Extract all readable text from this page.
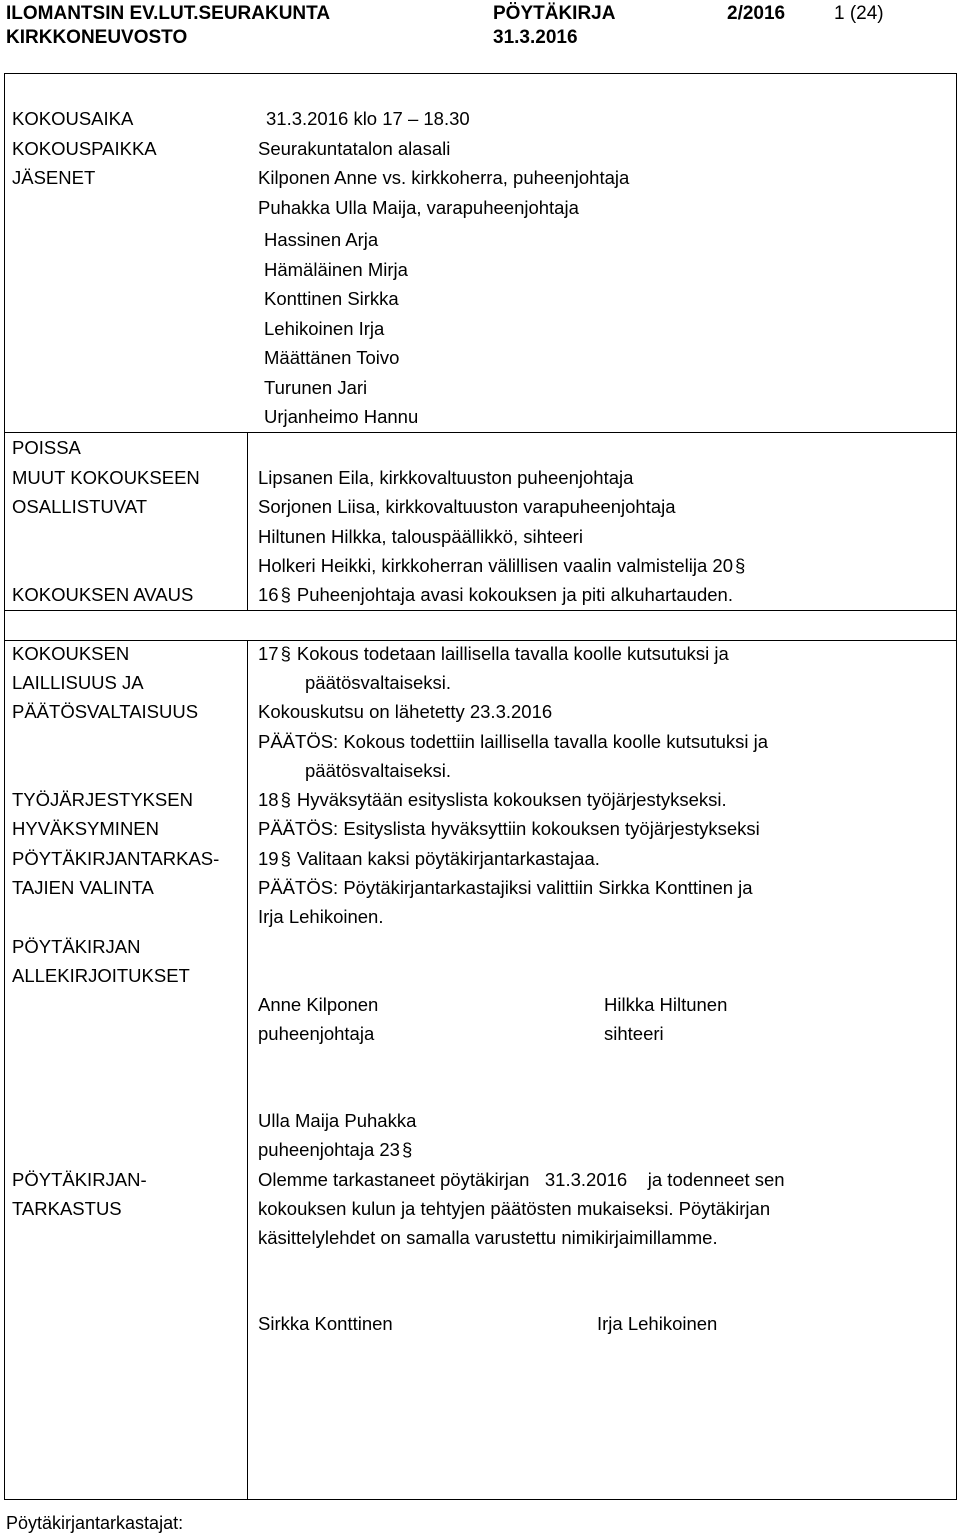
ILOMANTSIN EV.LUT.SEURAKUNTA
KIRKKONEUVOSTO
PÖYTÄKIRJA
31.3.2016
2/2016	1 (24)
KOKOUSAIKA
KOKOUSPAIKKA
JÄSENET
POISSA
MUUT KOKOUKSEEN
OSALLISTUVAT
KOKOUKSEN AVAUS
KOKOUKSEN
LAILLISUUS JA
PÄÄTÖSVALTAISUUS
TYÖJÄRJESTYKSEN
HYVÄKSYMINEN
PÖYTÄKIRJANTARKAS-
TAJIEN VALINTA
PÖYTÄKIRJAN
ALLEKIRJOITUKSET
PÖYTÄKIRJAN-
TARKASTUS
31.3.2016 klo 17 – 18.30
Seurakuntatalon alasali
Kilponen Anne vs. kirkkoherra, puheenjohtaja
Puhakka Ulla Maija, varapuheenjohtaja
Hassinen Arja
Hämäläinen Mirja
Konttinen Sirkka
Lehikoinen Irja
Määttänen Toivo
Turunen Jari
Urjanheimo Hannu
Lipsanen Eila, kirkkovaltuuston puheenjohtaja
Sorjonen Liisa, kirkkovaltuuston varapuheenjohtaja
Hiltunen Hilkka, talouspäällikkö, sihteeri
Holkeri Heikki, kirkkoherran välillisen vaalin valmistelija 20 §
16 § Puheenjohtaja avasi kokouksen ja piti alkuhartauden.
17 § Kokous todetaan laillisella tavalla koolle kutsutuksi ja
päätösvaltaiseksi.
Kokouskutsu on lähetetty 23.3.2016
PÄÄTÖS: Kokous todettiin laillisella tavalla koolle kutsutuksi ja
päätösvaltaiseksi.
18 § Hyväksytään esityslista kokouksen työjärjestykseksi.
PÄÄTÖS: Esityslista hyväksyttiin kokouksen työjärjestykseksi
19 § Valitaan kaksi pöytäkirjantarkastajaa.
PÄÄTÖS: Pöytäkirjantarkastajiksi valittiin Sirkka Konttinen ja
Irja Lehikoinen.
Anne Kilponen
puheenjohtaja
Hilkka Hiltunen
sihteeri
Ulla Maija Puhakka
puheenjohtaja 23 §
Olemme tarkastaneet pöytäkirjan 31.3.2016 ja todenneet sen
kokouksen kulun ja tehtyjen päätösten mukaiseksi. Pöytäkirjan
käsittelylehdet on samalla varustettu nimikirjaimillamme.
Sirkka Konttinen	Irja Lehikoinen
Pöytäkirjantarkastajat:
